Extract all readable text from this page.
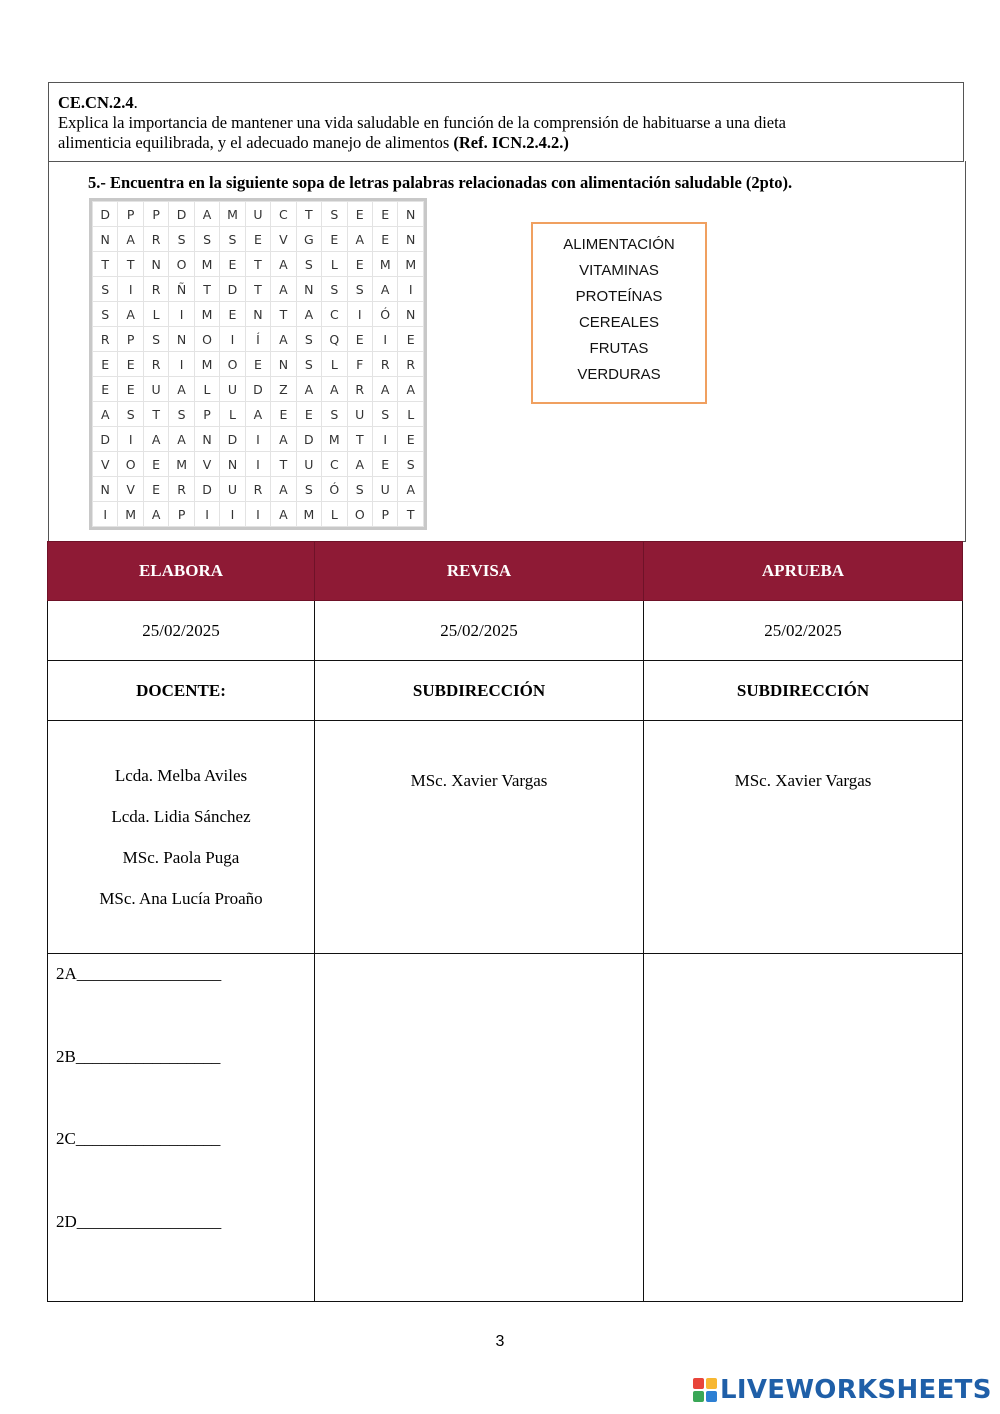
CE.CN.2.4.
Explica la importancia de mantener una vida saludable en función de la comprensión de habituarse a una dieta
alimenticia equilibrada, y el adecuado manejo de alimentos (Ref. ICN.2.4.2.)
5.- Encuentra en la siguiente sopa de letras palabras relacionadas con alimentación saludable (2pto).
D	P	P	D	A	M	U	C	T	S	E	E	N
N	A	R	S	S	S	E	V	G	E	A	E	N
T	T	N	O	M	E	T	A	S	L	E	M	M
S	I	R	Ñ	T	D	T	A	N	S	S	A	I
S	A	L	I	M	E	N	T	A	C	I	Ó	N
R	P	S	N	O	I	Í	A	S	Q	E	I	E
E	E	R	I	M	O	E	N	S	L	F	R	R
E	E	U	A	L	U	D	Z	A	A	R	A	A
A	S	T	S	P	L	A	E	E	S	U	S	L
D	I	A	A	N	D	I	A	D	M	T	I	E
V	O	E	M	V	N	I	T	U	C	A	E	S
N	V	E	R	D	U	R	A	S	Ó	S	U	A
I	M	A	P	I	I	I	A	M	L	O	P	T
ALIMENTACIÓN
VITAMINAS
PROTEÍNAS
CEREALES
FRUTAS
VERDURAS
ELABORA	REVISA	APRUEBA
25/02/2025	25/02/2025	25/02/2025
DOCENTE:	SUBDIRECCIÓN	SUBDIRECCIÓN

Lcda. Melba Aviles
Lcda. Lidia Sánchez
MSc. Paola Puga
MSc. Ana Lucía Proaño	MSc. Xavier Vargas	MSc. Xavier Vargas

2A_________________
2B_________________
2C_________________
2D_________________		

3
LIVEWORKSHEETS
